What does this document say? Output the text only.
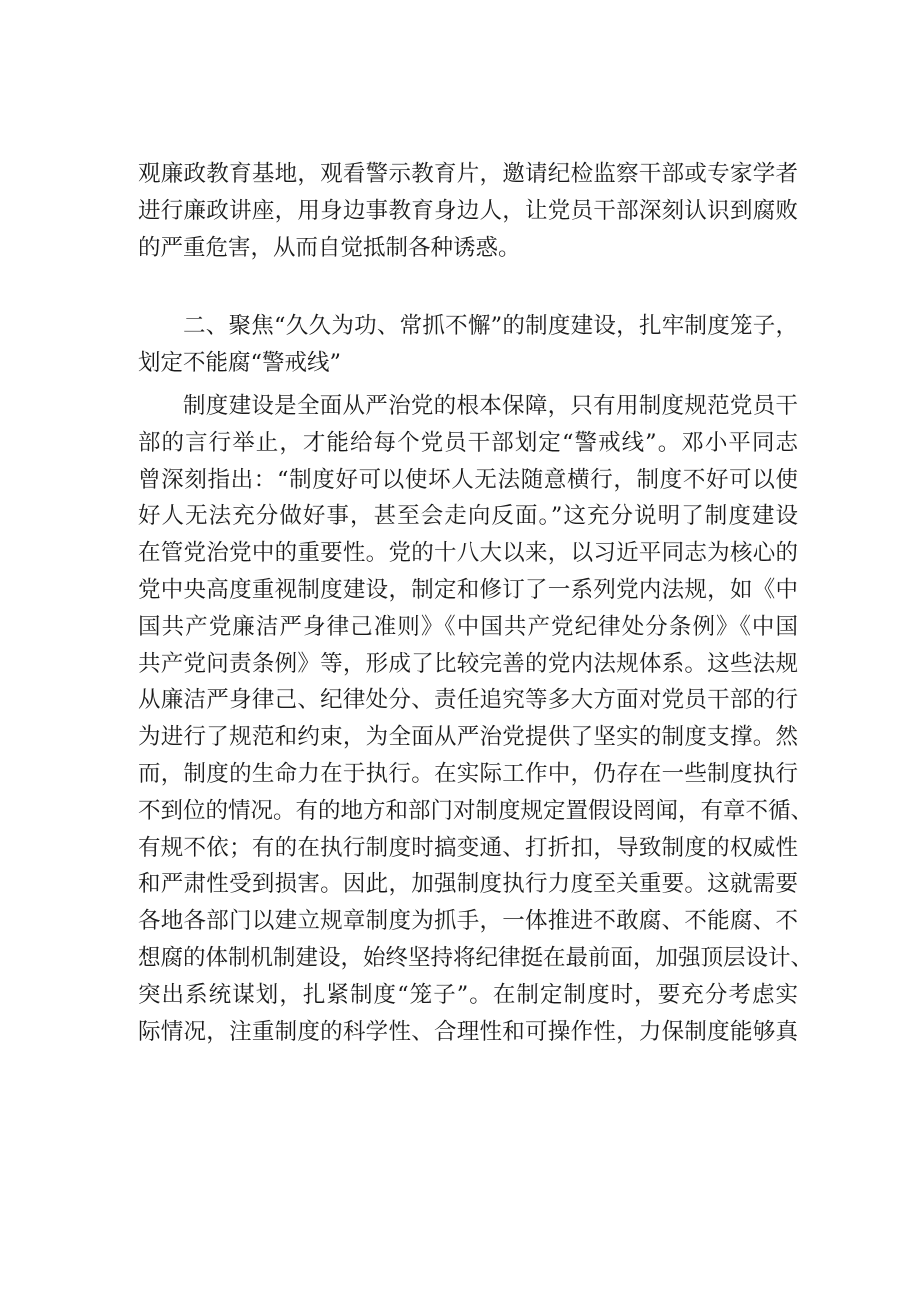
观廉政教育基地，观看警示教育片，邀请纪检监察干部或专家学者
进行廉政讲座，用身边事教育身边人，让党员干部深刻认识到腐败
的严重危害，从而自觉抵制各种诱惑。
二、聚焦“久久为功、常抓不懈”的制度建设，扎牢制度笼子，
划定不能腐“警戒线”
制度建设是全面从严治党的根本保障，只有用制度规范党员干
部的言行举止，才能给每个党员干部划定“警戒线”。邓小平同志
曾深刻指出：“制度好可以使坏人无法随意横行，制度不好可以使
好人无法充分做好事，甚至会走向反面。”这充分说明了制度建设
在管党治党中的重要性。党的十八大以来，以习近平同志为核心的
党中央高度重视制度建设，制定和修订了一系列党内法规，如《中
国共产党廉洁严身律己准则》《中国共产党纪律处分条例》《中国
共产党问责条例》等，形成了比较完善的党内法规体系。这些法规
从廉洁严身律己、纪律处分、责任追究等多大方面对党员干部的行
为进行了规范和约束，为全面从严治党提供了坚实的制度支撑。然
而，制度的生命力在于执行。在实际工作中，仍存在一些制度执行
不到位的情况。有的地方和部门对制度规定置假设罔闻，有章不循、
有规不依；有的在执行制度时搞变通、打折扣，导致制度的权威性
和严肃性受到损害。因此，加强制度执行力度至关重要。这就需要
各地各部门以建立规章制度为抓手，一体推进不敢腐、不能腐、不
想腐的体制机制建设，始终坚持将纪律挺在最前面，加强顶层设计、
突出系统谋划，扎紧制度“笼子”。在制定制度时，要充分考虑实
际情况，注重制度的科学性、合理性和可操作性，力保制度能够真
